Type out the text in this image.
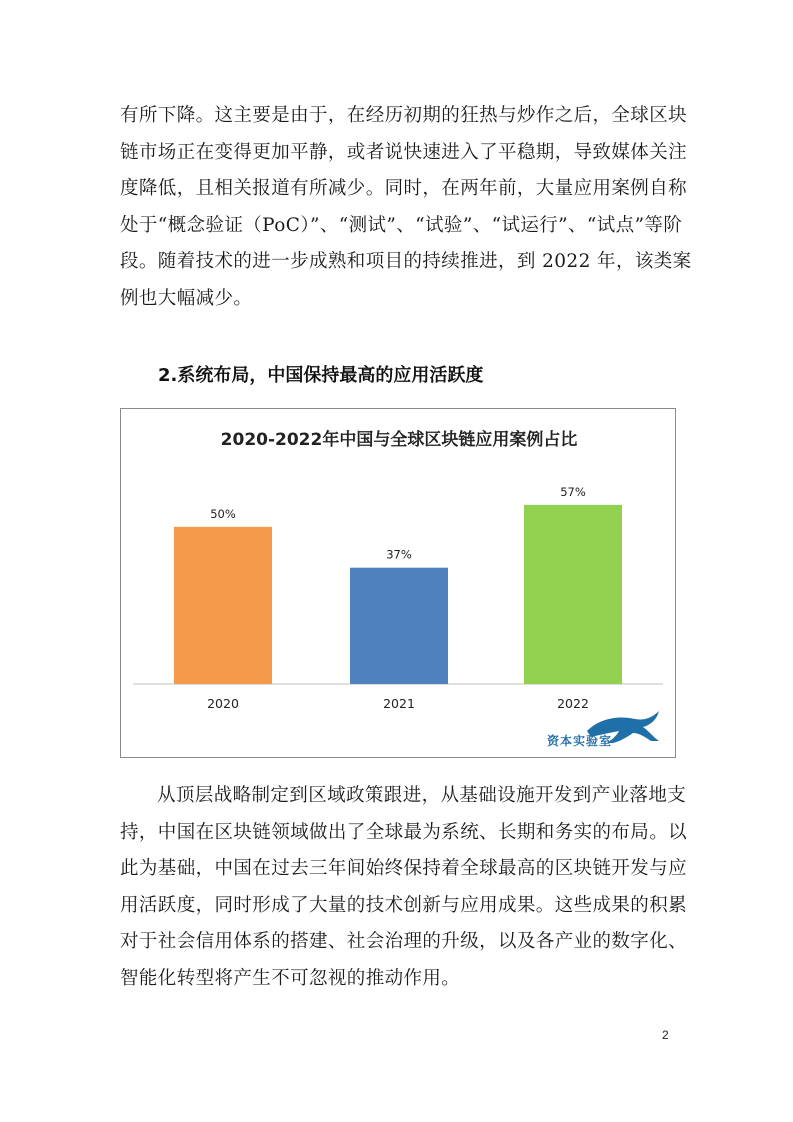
有所下降。这主要是由于，在经历初期的狂热与炒作之后，全球区块
链市场正在变得更加平静，或者说快速进入了平稳期，导致媒体关注
度降低，且相关报道有所减少。同时，在两年前，大量应用案例自称
处于“概念验证（PoC）”、“测试”、“试验”、“试运行”、“试点”等阶
段。随着技术的进一步成熟和项目的持续推进，到 2022 年，该类案
例也大幅减少。
2.系统布局，中国保持最高的应用活跃度
2020-2022年中国与全球区块链应用案例占比
50%
2020
37%
2021
57%
2022
资本实验室
从顶层战略制定到区域政策跟进，从基础设施开发到产业落地支
持，中国在区块链领域做出了全球最为系统、长期和务实的布局。以
此为基础，中国在过去三年间始终保持着全球最高的区块链开发与应
用活跃度，同时形成了大量的技术创新与应用成果。这些成果的积累
对于社会信用体系的搭建、社会治理的升级，以及各产业的数字化、
智能化转型将产生不可忽视的推动作用。
2
